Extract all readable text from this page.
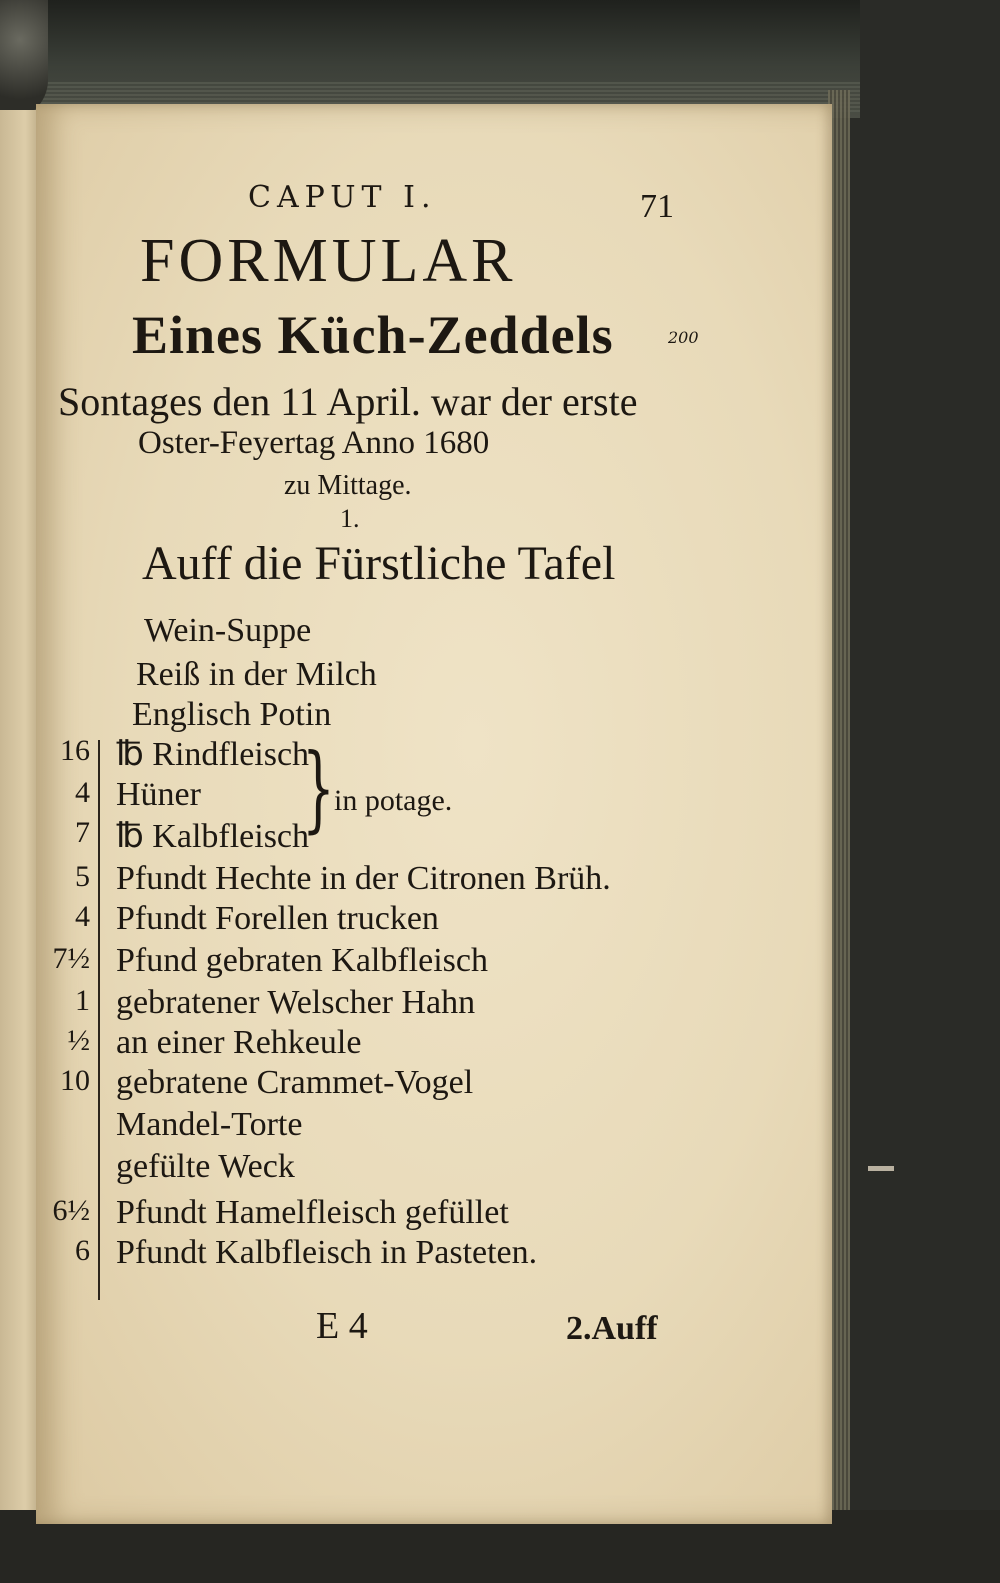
CAPUT I.	71
200
FORMULAR
Eines Küch-Zeddels
Sontages den 11 April. war der erste
Oster-Feyertag Anno 1680
zu Mittage.
1.
Auff die Fürstliche Tafel
Wein-Suppe
Reiß in der Milch
Englisch Potin
16 ℔ Rindfleisch
4 Hüner
7 ℔ Kalbfleisch
} in potage.
5 Pfundt Hechte in der Citronen Brüh.
4 Pfundt Forellen trucken
7½ Pfund gebraten Kalbfleisch
1 gebratener Welscher Hahn
½ an einer Rehkeule
10 gebratene Crammet-Vogel
Mandel-Torte
gefülte Weck
6½ Pfundt Hamelfleisch gefüllet
6 Pfundt Kalbfleisch in Pasteten.
E 4	2.Auff
